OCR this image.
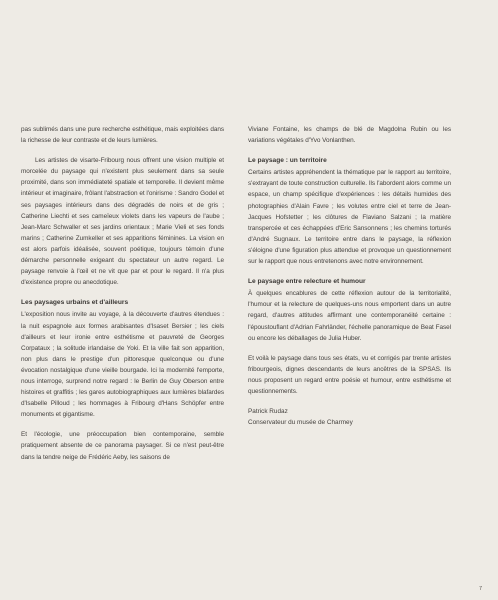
pas sublimés dans une pure recherche esthétique, mais exploitées dans la richesse de leur contraste et de leurs lumières.

Les artistes de visarte-Fribourg nous offrent une vision multiple et morcelée du paysage qui n'existent plus seulement dans sa seule proximité, dans son immédiateté spatiale et temporelle. Il devient même intérieur et imaginaire, frôlant l'abstraction et l'onirisme : Sandro Godel et ses paysages intérieurs dans des dégradés de noirs et de gris ; Catherine Liechti et ses cameïeux violets dans les vapeurs de l'aube ; Jean-Marc Schwaller et ses jardins orientaux ; Marie Vieli et ses fonds marins ; Catherine Zumkeller et ses apparitions féminines. La vision en est alors parfois idéalisée, souvent poétique, toujours témoin d'une démarche personnelle exigeant du spectateur un autre regard. Le paysage renvoie à l'œil et ne vit que par et pour le regard. Il n'a plus d'existence propre ou anecdotique.

Les paysages urbains et d'ailleurs

L'exposition nous invite au voyage, à la découverte d'autres étendues : la nuit espagnole aux formes arabisantes d'Isaset Bersier ; les ciels d'ailleurs et leur ironie entre esthétisme et pauvreté de Georges Corpataux ; la solitude irlandaise de Yoki. Et la ville fait son apparition, non plus dans le prestige d'un pittoresque quelconque ou d'une évocation nostalgique d'une vieille bourgade. Ici la modernité l'emporte, nous interroge, surprend notre regard : le Berlin de Guy Oberson entre histoires et graffitis ; les gares autobiographiques aux lumières blafardes d'Isabelle Pilloud ; les hommages à Fribourg d'Hans Schöpfer entre monuments et gigantisme.

Et l'écologie, une préoccupation bien contemporaine, semble pratiquement absente de ce panorama paysager. Si ce n'est peut-être dans la tendre neige de Frédéric Aeby, les saisons de

Viviane Fontaine, les champs de blé de Magdolna Rubin ou les variations végétales d'Yvo Vonlanthen.

Le paysage : un territoire

Certains artistes appréhendent la thématique par le rapport au territoire, s'extrayant de toute construction culturelle. Ils l'abordent alors comme un espace, un champ spécifique d'expériences : les détails humides des photographies d'Alain Favre ; les volutes entre ciel et terre de Jean-Jacques Hofstetter ; les clôtures de Flaviano Salzani ; la matière transpercée et ces échappées d'Eric Sansonnens ; les chemins torturés d'André Sugnaux. Le territoire entre dans le paysage, la réflexion s'éloigne d'une figuration plus attendue et provoque un questionnement sur le rapport que nous entretenons avec notre environnement.

Le paysage entre relecture et humour

À quelques encablures de cette réflexion autour de la territorialité, l'humour et la relecture de quelques-uns nous emportent dans un autre regard, d'autres attitudes affirmant une contemporanéité certaine : l'époustouflant d'Adrian Fahrländer, l'échelle panoramique de Beat Fasel ou encore les déballages de Julia Huber.

Et voilà le paysage dans tous ses états, vu et corrigés par trente artistes fribourgeois, dignes descendants de leurs ancêtres de la SPSAS. Ils nous proposent un regard entre poésie et humour, entre esthétisme et questionnements.

Patrick Rudaz

Conservateur du musée de Charmey

7
